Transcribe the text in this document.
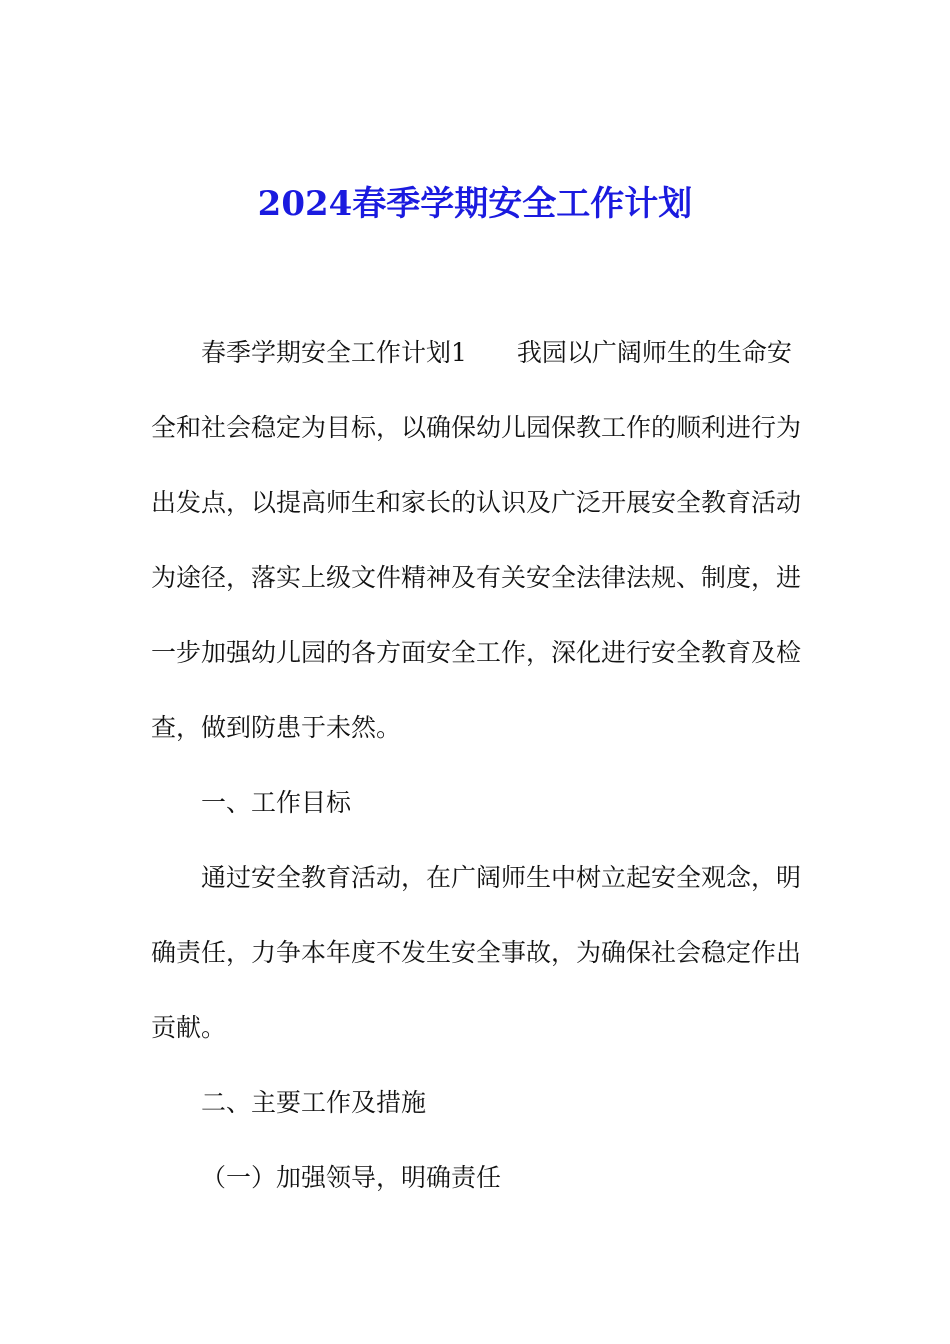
2024春季学期安全工作计划

春季学期安全工作计划1 我园以广阔师生的生命安全和社会稳定为目标，以确保幼儿园保教工作的顺利进行为出发点，以提高师生和家长的认识及广泛开展安全教育活动为途径，落实上级文件精神及有关安全法律法规、制度，进一步加强幼儿园的各方面安全工作，深化进行安全教育及检查，做到防患于未然。

一、工作目标

通过安全教育活动，在广阔师生中树立起安全观念，明确责任，力争本年度不发生安全事故，为确保社会稳定作出贡献。

二、主要工作及措施

（一）加强领导，明确责任
